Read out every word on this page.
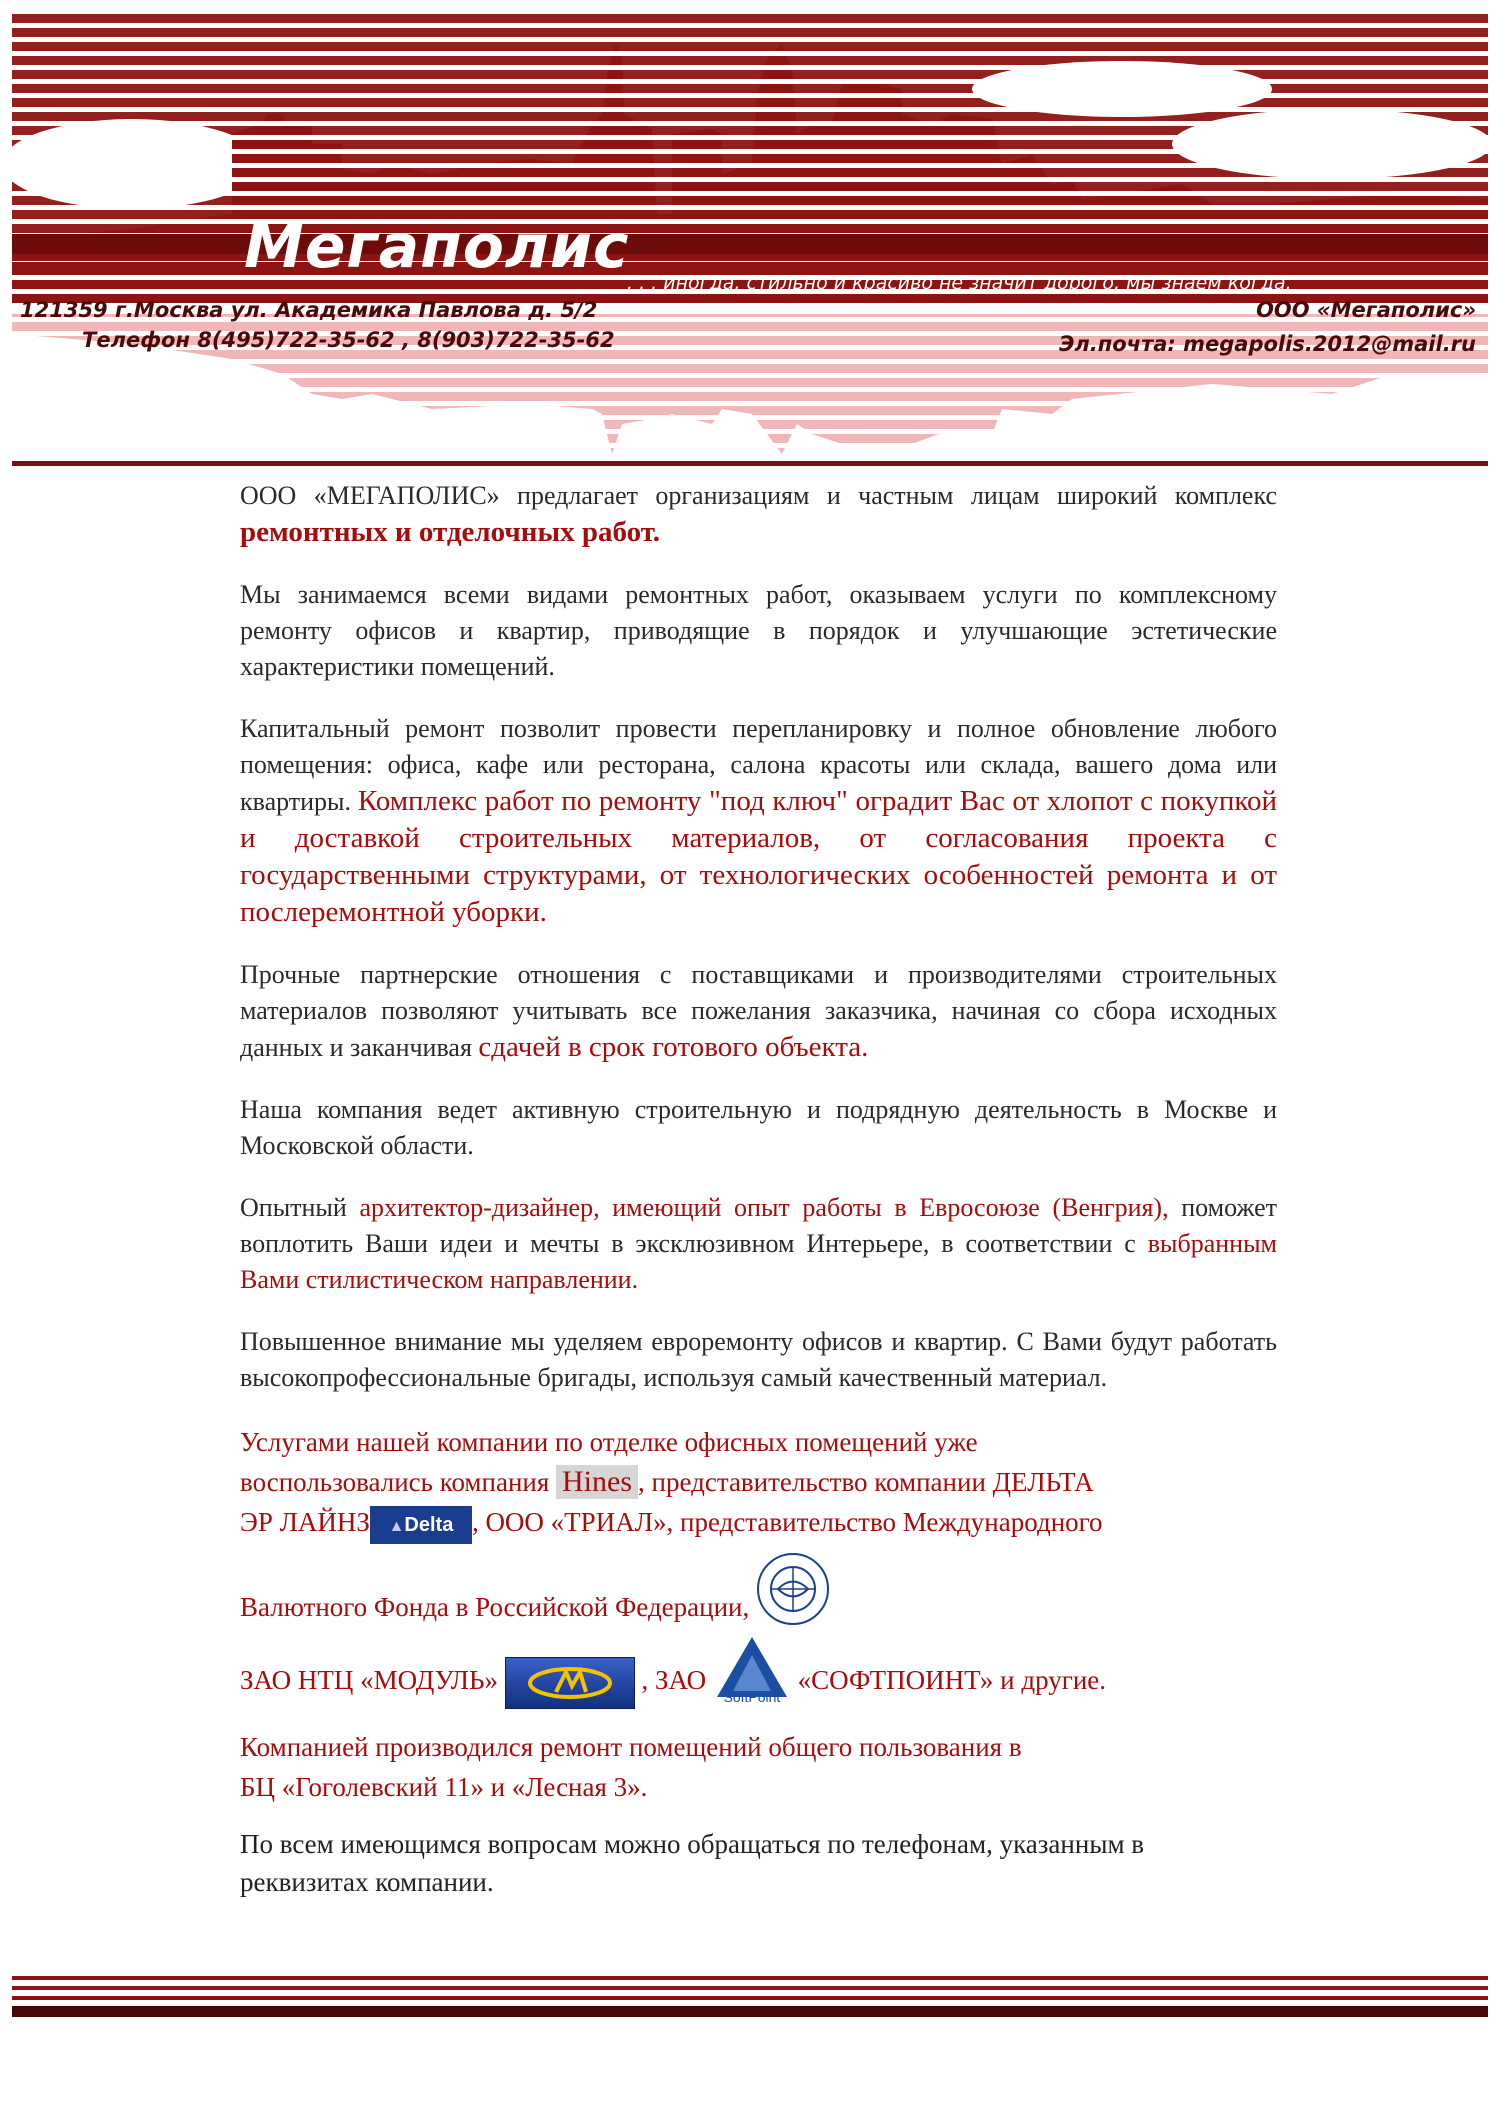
Мегаполис
. . . иногда, стильно и красиво не значит дорого, мы знаем когда.
121359 г.Москва ул. Академика Павлова д. 5/2
Телефон 8(495)722-35-62 , 8(903)722-35-62
ООО «Мегаполис»
Эл.почта: megapolis.2012@mail.ru

ООО «МЕГАПОЛИС» предлагает организациям и частным лицам широкий комплекс ремонтных и отделочных работ.

Мы занимаемся всеми видами ремонтных работ, оказываем услуги по комплексному ремонту офисов и квартир, приводящие в порядок и улучшающие эстетические характеристики помещений.

Капитальный ремонт позволит провести перепланировку и полное обновление любого помещения: офиса, кафе или ресторана, салона красоты или склада, вашего дома или квартиры. Комплекс работ по ремонту "под ключ" оградит Вас от хлопот с покупкой и доставкой строительных материалов, от согласования проекта с государственными структурами, от технологических особенностей ремонта и от послеремонтной уборки.

Прочные партнерские отношения с поставщиками и производителями строительных материалов позволяют учитывать все пожелания заказчика, начиная со сбора исходных данных и заканчивая сдачей в срок готового объекта.

Наша компания ведет активную строительную и подрядную деятельность в Москве и Московской области.

Опытный архитектор-дизайнер, имеющий опыт работы в Евросоюзе (Венгрия), поможет воплотить Ваши идеи и мечты в эксклюзивном Интерьере, в соответствии с выбранным Вами стилистическом направлении.

Повышенное внимание мы уделяем евроремонту офисов и квартир. С Вами будут работать высокопрофессиональные бригады, используя самый качественный материал.

Услугами нашей компании по отделке офисных помещений уже
воспользовались компания Hines , представительство компании ДЕЛЬТА
ЭР ЛАЙНЗ ▲Delta , ООО «ТРИАЛ», представительство Международного
Валютного Фонда в Российской Федерации,
ЗАО НТЦ «МОДУЛЬ»	, ЗАО
SoftPoint
«СОФТПОИНТ» и другие.
Компанией производился ремонт помещений общего пользования в
БЦ «Гоголевский 11» и «Лесная 3».
По всем имеющимся вопросам можно обращаться по телефонам, указанным в реквизитах компании.
